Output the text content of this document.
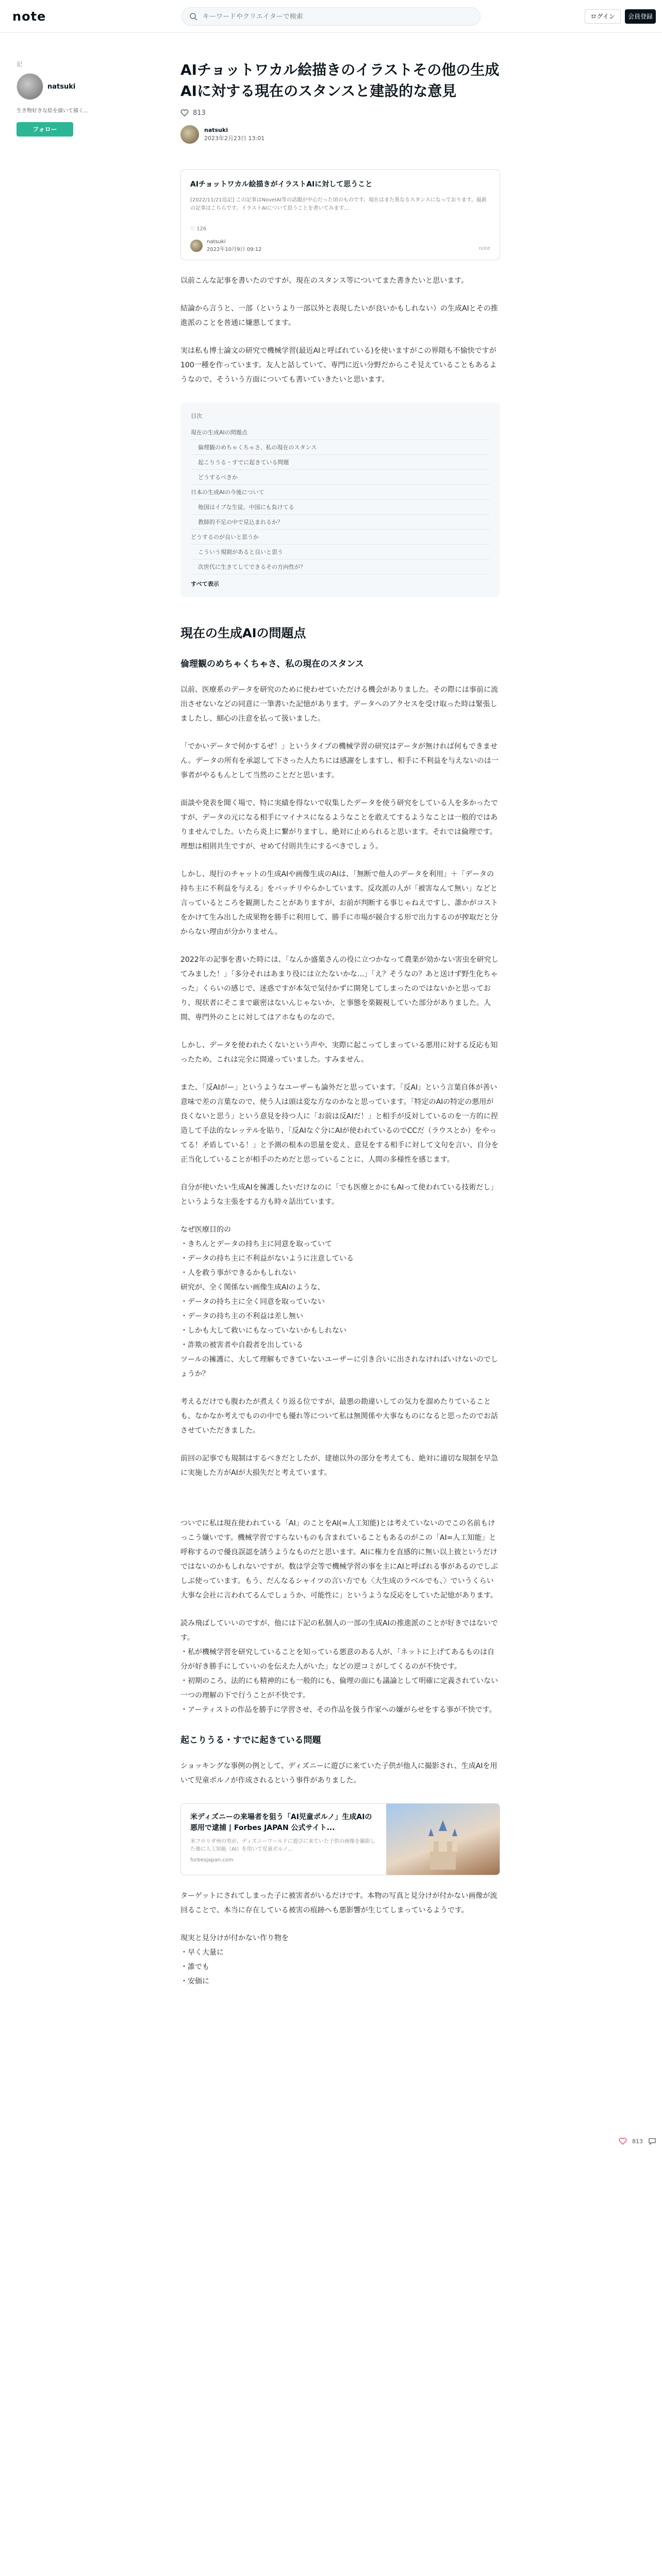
note
キーワードやクリエイターで検索	ログイン	会員登録
記
natsuki
生き物好きな絵を描いて描く...
フォロー
AIチョットワカル絵描きのイラストその他の生成AIに対する現在のスタンスと建設的な意見
813
natsuki
2023年2月23日 13:01
AIチョットワカル絵描きがイラストAIに対して思うこと
[2022/11/21追記] この記事はNovelAI等の話題が中心だった頃のものです。現在はまた異なるスタンスになっております。最新の記事はこちらです。イラストAIについて思うことを書いてみます...
♡ 126
natsuki
2022年10月9日 09:12	note

以前こんな記事を書いたのですが、現在のスタンス等についてまた書きたいと思います。

結論から言うと、一部（というより一部以外と表現したいが良いかもしれない）の生成AIとその推進派のことを普通に嫌悪してます。

実は私も博士論文の研究で機械学習(最近AIと呼ばれている)を使いますがこの界隈も不愉快ですが100一種を作っています。友人と話していて、専門に近い分野だからこそ見えていることもあるようなので、そういう方面についても書いていきたいと思います。

目次
現在の生成AIの問題点
倫理観のめちゃくちゃさ、私の現在のスタンス
起こりうる・すでに起きている問題
どうするべきか
日本の生成AIの今後について
他国はイブな生徒、中国にも負けてる
教師的不足の中で見込まれるか？
どうするのが良いと思うか
こういう規制があると良いと思う
次世代に生きてしてできるその方向性が？
すべて表示
現在の生成AIの問題点
倫理観のめちゃくちゃさ、私の現在のスタンス

以前、医療系のデータを研究のために使わせていただける機会がありました。その際には事前に流出させないなどの同意に一筆書いた記憶があります。データへのアクセスを受け取った時は緊張しましたし、細心の注意を払って扱いました。

「でかいデータで何かするぜ！」というタイプの機械学習の研究はデータが無ければ何もできません。データの所有を承認して下さった人たちには感謝をしますし、相手に不利益を与えないのは一事者がやるもんとして当然のことだと思います。

面談や発表を聞く場で、特に実績を得ないで収集したデータを使う研究をしている人を多かったですが、データの元になる相手にマイナスになるようなことを敢えてするようなことは一般的ではありませんでした。いたら炎上に繋がりますし、絶対に止められると思います。それでは倫理です。理想は相則共生ですが、せめて付則共生にするべきでしょう。

しかし、現行のチャットの生成AIや画像生成のAIは、「無断で他人のデータを利用」＋「データの持ち主に不利益を与える」をバッチリやらかしています。反攻派の人が「被害なんて無い」などと言っているところを観測したことがありますが、お前が判断する事じゃねえですし、誰かがコストをかけて生み出した成果物を勝手に利用して、勝手に市場が競合する形で出力するのが搾取だと分からない理由が分かりません。

2022年の記事を書いた時には、「なんか盛葉さんの役に立つかなって農業が効かない害虫を研究してみました！」「多分それはあまり役には立たないかな...」「え？そうなの？あと送けず野生化ちゃった」くらいの感じで、迷惑ですが本気で気付かずに開発してしまったのではないかと思っており、現状者にそこまで厳密はないんじゃないか、と事態を楽観視していた部分がありました。人間、専門外のことに対してはアホなものなので。

しかし、データを使われたくないという声や、実際に起こってしまっている悪用に対する反応も知ったため、これは完全に間違っていました。すみません。

また、「反AIがー」というようなユーザーも論外だと思っています。「反AI」という言葉自体が善い意味で差の言葉なので、使う人は頭は変な方なのかなと思っています。「特定のAIの特定の悪用が良くないと思う」という意見を持つ人に「お前は反AIだ！」と相手が反対しているのを一方的に捏造して手法的なレッテルを貼り、「反AIなぐ分にAIが使われているのでCCだ（ラウスとか）をやってる！矛盾している！」と予測の根本の思量を変え、意見をする相手に対して文句を言い、自分を正当化していることが相手のためだと思っていることに、人間の多様性を感じます。

自分が使いたい生成AIを擁護したいだけなのに「でも医療とかにもAIって使われている技術だし」というような主張をする方も時々話出ています。

なぜ医療目的の

・きちんとデータの持ち主に同意を取っていて
・データの持ち主に不利益がないように注意している
・人を救う事ができるかもしれない

研究が、全く関係ない画像生成AIのような、

・データの持ち主に全く同意を取っていない
・データの持ち主の不利益は差し無い
・しかも大して救いにもなっていないかもしれない
・詐欺の被害者や自殺者を出している

ツールの擁護に、大して理解もできていないユーザーに引き合いに出されなければいけないのでしょうか？

考えるだけでも腹わたが煮えくり返る位ですが、最悪の勘違いしての気力を溜めたりていることも、なかなか考えでものの中でも優れ等について私は無関係や大事なものになると思ったのでお話させていただきました。

前回の記事でも規制はするべきだとしたが、建徳以外の部分を考えても、絶対に適切な規制を早急に実施した方がAIが大損失だと考えています。

ついでに私は現在使われている「AI」のことをAI(=人工知能)とは考えていないのでこの名前もけっこう嫌いです。機械学習ですらないものも含まれていることもあるのがこの「AI=人工知能」と呼称するので優良誤認を誘うようなものだと思います。AIに権力を直感的に無い以上彼というだけではないのかもしれないですが。数は学会等で機械学習の事を主にAIと呼ばれる事があるのでしぶしぶ使っています。もう、だんなるシャイツの言い方でも〈大生成のラベルでも、〉でいうくらい大事な会社に言われてるんでしょうか、可能性に」というような反応をしていた記憶があります。

読み飛ばしていいのですが、他には下記の私個人の一部の生成AIの推進派のことが好きではないです。

・私が機械学習を研究していることを知っている悪意のある人が、「ネットに上げてあるものは自分が好き勝手にしていいのを伝えた人がいた」などの逆コミがしてくるのが不快です。
・初期のころ、法的にも精神的にも一般的にも、倫理の面にも議論として明確に定義されていない一つの理解の下で行うことが不快です。
・アーティストの作品を勝手に学習させ、その作品を扱う作家への嫌がらせをする事が不快です。
起こりうる・すでに起きている問題

ショッキングな事例の例として、ディズニーに遊びに来ていた子供が他人に撮影され、生成AIを用いて児童ポルノが作成されるという事件がありました。

米ディズニーの来場者を狙う「AI児童ポルノ」生成AIの悪用で逮捕 | Forbes JAPAN 公式サイト...
米フロリダ州の男が、ディズニーワールドに遊びに来ていた子供の画像を撮影した後に人工知能（AI）を用いて児童ポルノ...
forbesjapan.com

ターゲットにされてしまった子に被害者がいるだけです。本物の写真と見分けが付かない画像が流回ることで、本当に存在している被害の痕跡へも悪影響が生じてしまっているようです。

現実と見分けが付かない作り物を

・早く大量に
・誰でも
・安価に
813
